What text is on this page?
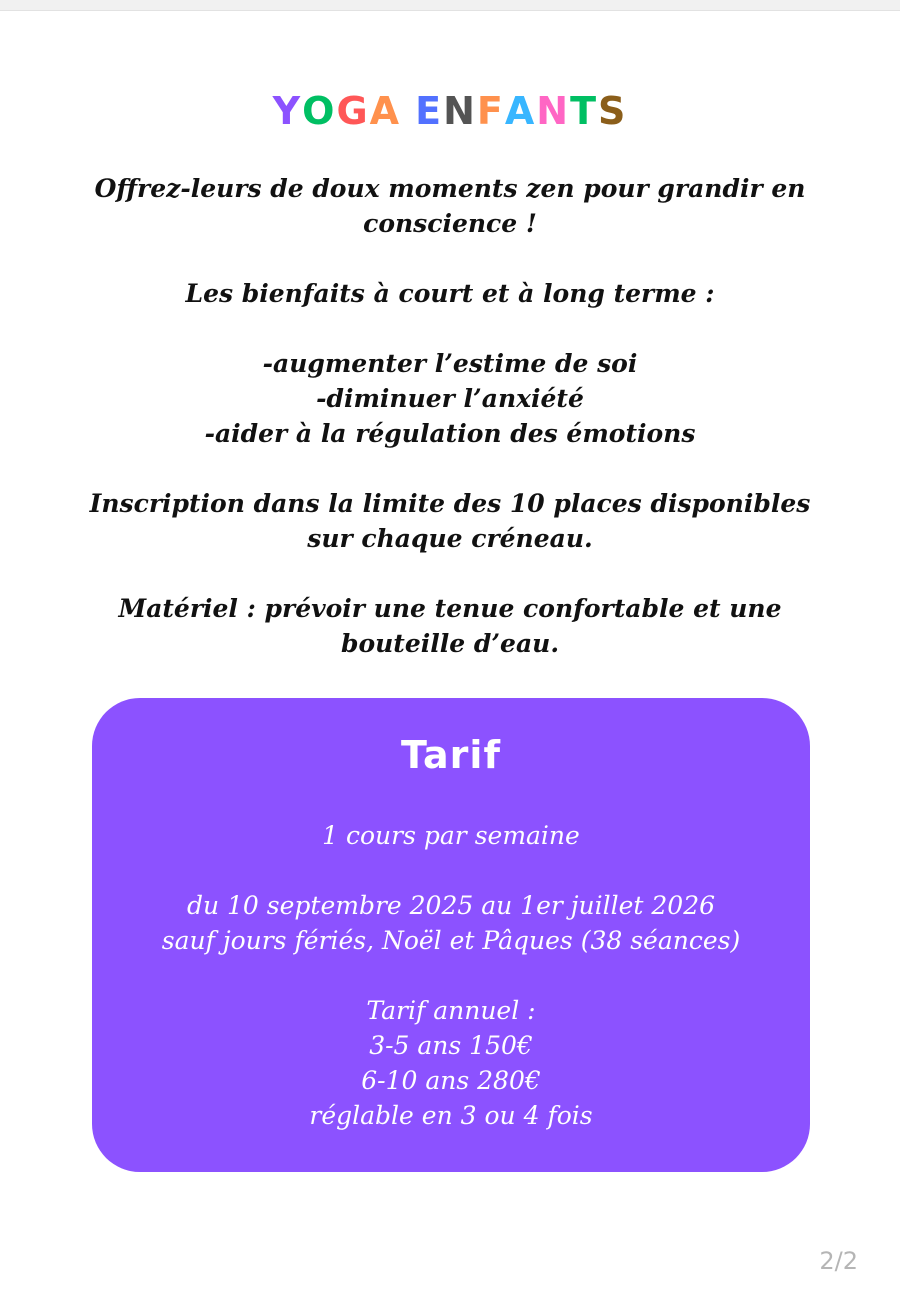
YOGA ENFANTS

Offrez-leurs de doux moments zen pour grandir en

conscience !

Les bienfaits à court et à long terme :

-augmenter l’estime de soi

-diminuer l’anxiété

-aider à la régulation des émotions

Inscription dans la limite des 10 places disponibles

sur chaque créneau.

Matériel : prévoir une tenue confortable et une

bouteille d’eau.

Tarif

1 cours par semaine

du 10 septembre 2025 au 1er juillet 2026

sauf jours fériés, Noël et Pâques (38 séances)

Tarif annuel :

3-5 ans 150€

6-10 ans 280€

réglable en 3 ou 4 fois

2/2
